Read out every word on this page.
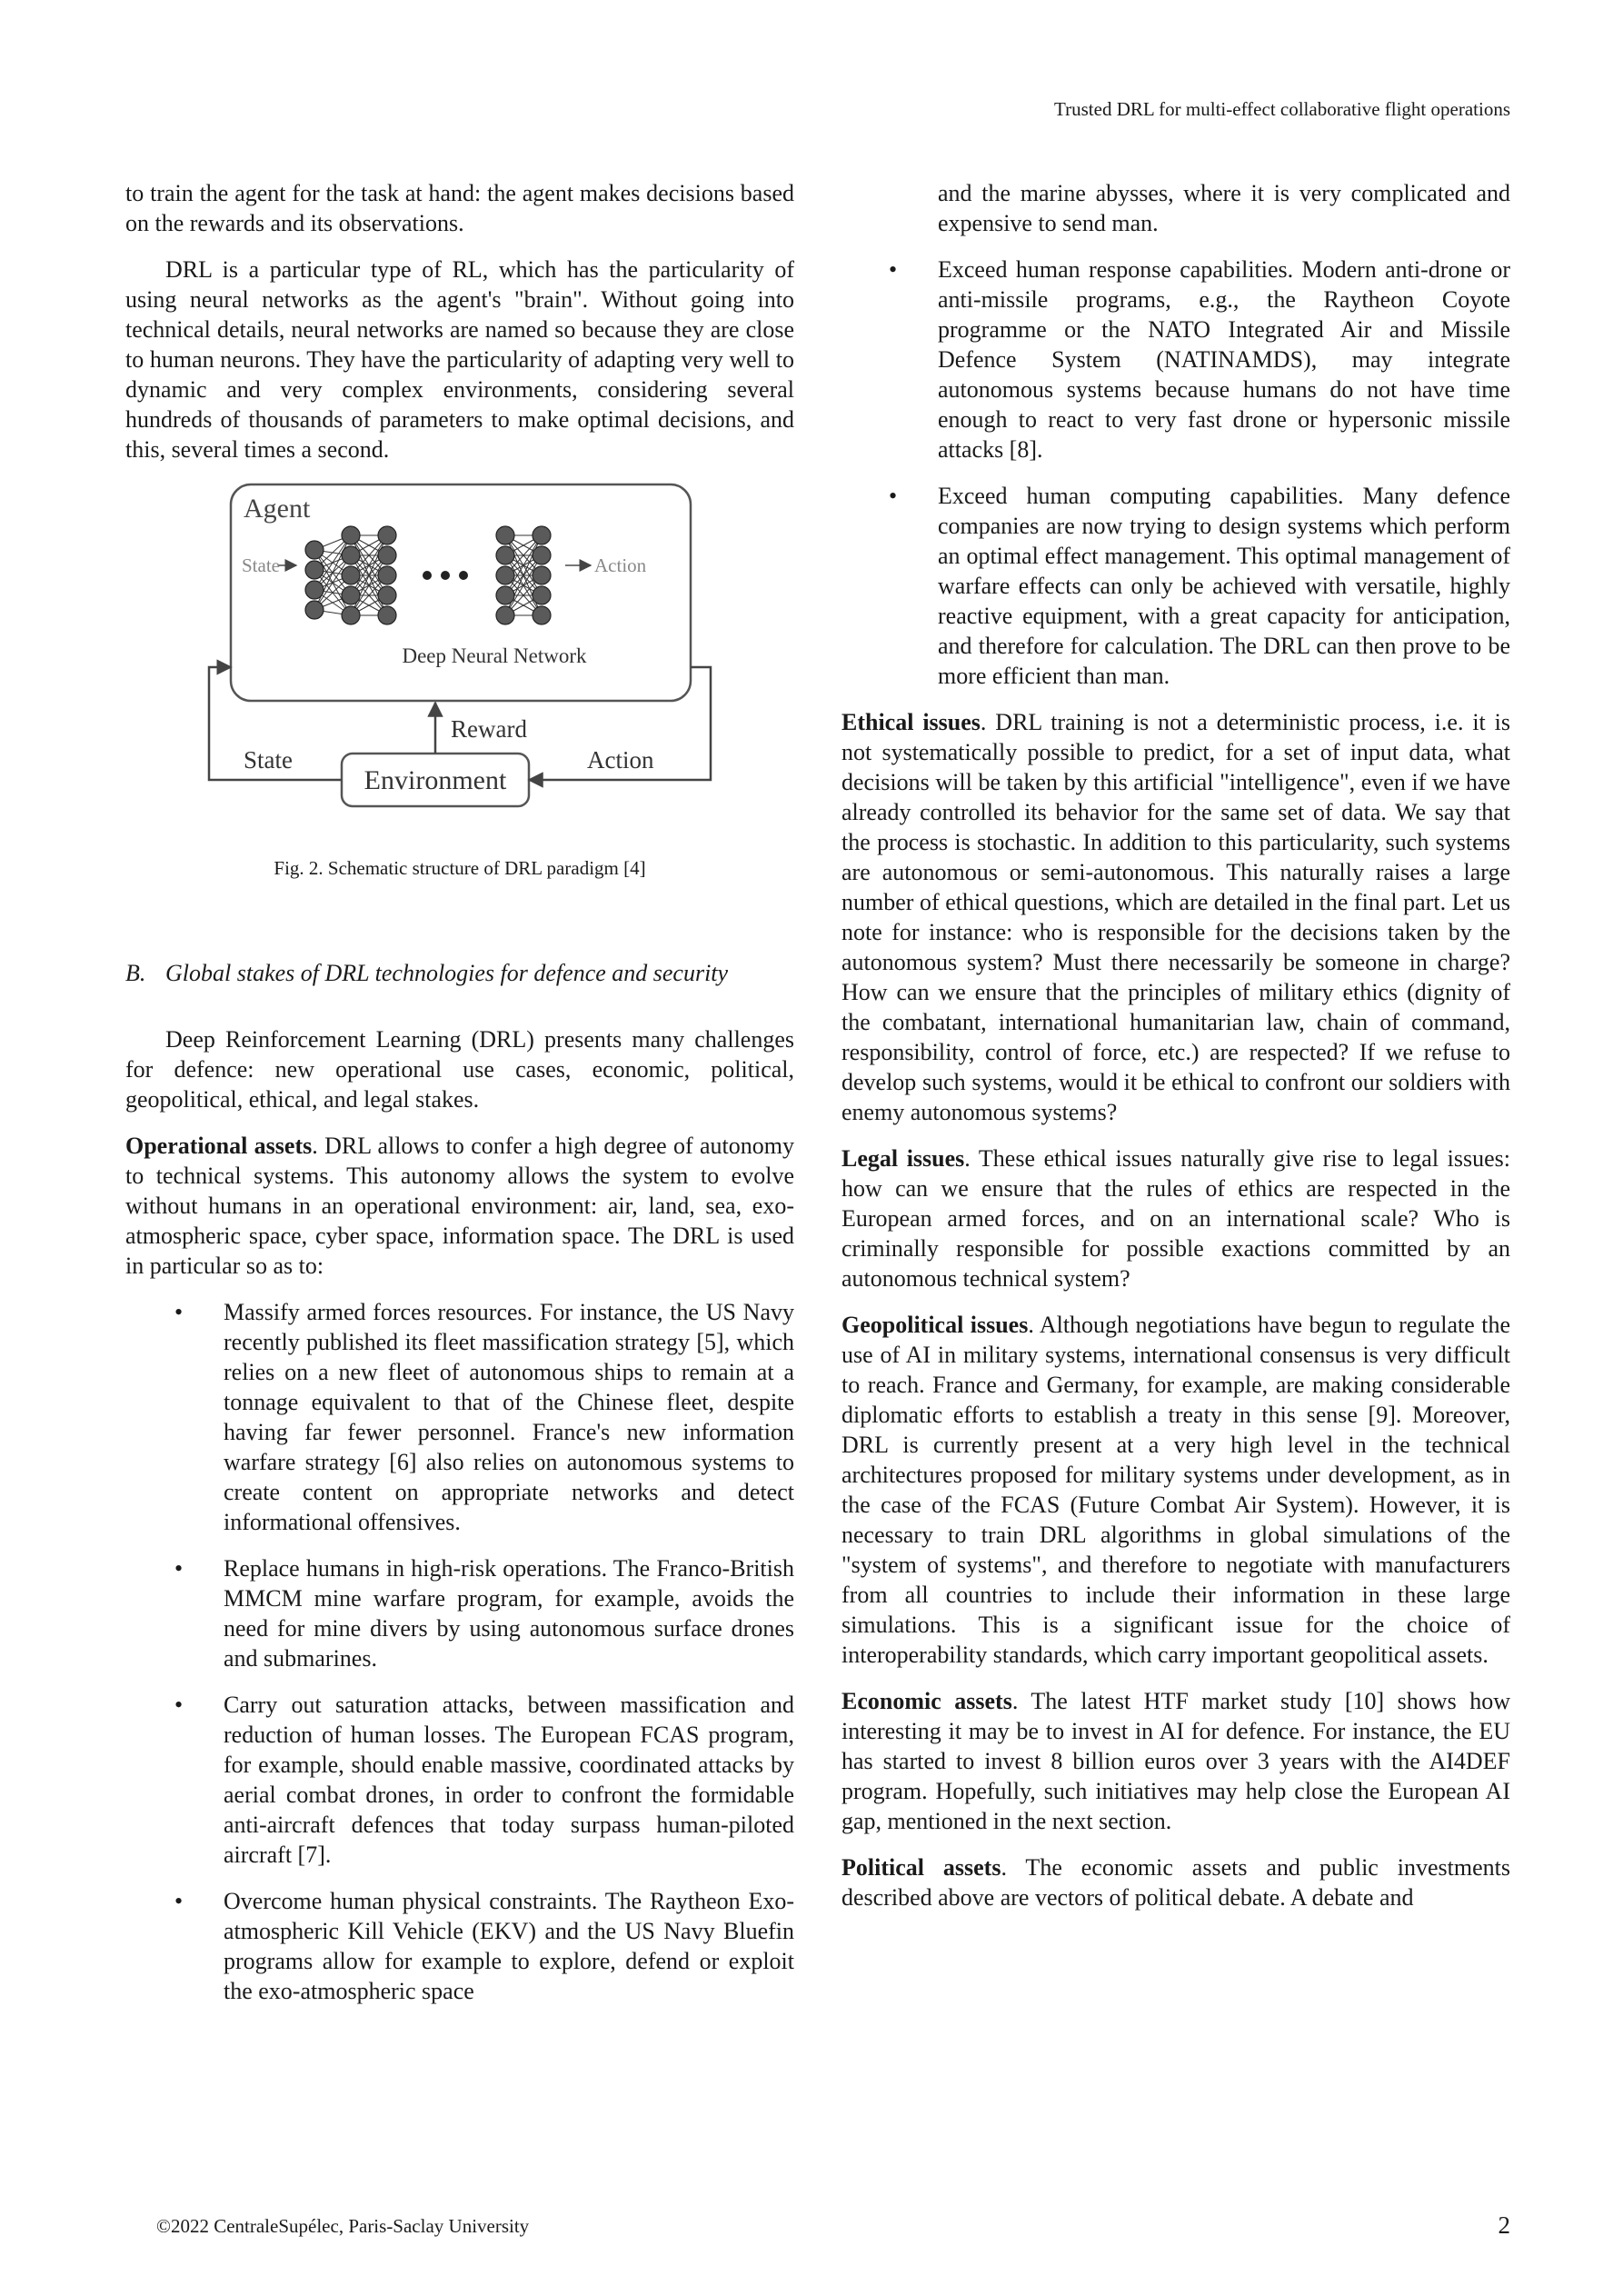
Trusted DRL for multi-effect collaborative flight operations

to train the agent for the task at hand: the agent makes decisions based on the rewards and its observations.

DRL is a particular type of RL, which has the particularity of using neural networks as the agent's "brain". Without going into technical details, neural networks are named so because they are close to human neurons. They have the particularity of adapting very well to dynamic and very complex environments, considering several hundreds of thousands of parameters to make optimal decisions, and this, several times a second.

Agent
State	Action
Deep Neural Network
Environment
Reward
State	Action
Fig. 2. Schematic structure of DRL paradigm [4]
B. Global stakes of DRL technologies for defence and security

Deep Reinforcement Learning (DRL) presents many challenges for defence: new operational use cases, economic, political, geopolitical, ethical, and legal stakes.

Operational assets. DRL allows to confer a high degree of autonomy to technical systems. This autonomy allows the system to evolve without humans in an operational environment: air, land, sea, exo-atmospheric space, cyber space, information space. The DRL is used in particular so as to:

• Massify armed forces resources. For instance, the US Navy recently published its fleet massification strategy [5], which relies on a new fleet of autonomous ships to remain at a tonnage equivalent to that of the Chinese fleet, despite having far fewer personnel. France's new information warfare strategy [6] also relies on autonomous systems to create content on appropriate networks and detect informational offensives.
• Replace humans in high-risk operations. The Franco-British MMCM mine warfare program, for example, avoids the need for mine divers by using autonomous surface drones and submarines.
• Carry out saturation attacks, between massification and reduction of human losses. The European FCAS program, for example, should enable massive, coordinated attacks by aerial combat drones, in order to confront the formidable anti-aircraft defences that today surpass human-piloted aircraft [7].
• Overcome human physical constraints. The Raytheon Exo-atmospheric Kill Vehicle (EKV) and the US Navy Bluefin programs allow for example to explore, defend or exploit the exo-atmospheric space
and the marine abysses, where it is very complicated and expensive to send man.
• Exceed human response capabilities. Modern anti-drone or anti-missile programs, e.g., the Raytheon Coyote programme or the NATO Integrated Air and Missile Defence System (NATINAMDS), may integrate autonomous systems because humans do not have time enough to react to very fast drone or hypersonic missile attacks [8].
• Exceed human computing capabilities. Many defence companies are now trying to design systems which perform an optimal effect management. This optimal management of warfare effects can only be achieved with versatile, highly reactive equipment, with a great capacity for anticipation, and therefore for calculation. The DRL can then prove to be more efficient than man.

Ethical issues. DRL training is not a deterministic process, i.e. it is not systematically possible to predict, for a set of input data, what decisions will be taken by this artificial "intelligence", even if we have already controlled its behavior for the same set of data. We say that the process is stochastic. In addition to this particularity, such systems are autonomous or semi-autonomous. This naturally raises a large number of ethical questions, which are detailed in the final part. Let us note for instance: who is responsible for the decisions taken by the autonomous system? Must there necessarily be someone in charge? How can we ensure that the principles of military ethics (dignity of the combatant, international humanitarian law, chain of command, responsibility, control of force, etc.) are respected? If we refuse to develop such systems, would it be ethical to confront our soldiers with enemy autonomous systems?

Legal issues. These ethical issues naturally give rise to legal issues: how can we ensure that the rules of ethics are respected in the European armed forces, and on an international scale? Who is criminally responsible for possible exactions committed by an autonomous technical system?

Geopolitical issues. Although negotiations have begun to regulate the use of AI in military systems, international consensus is very difficult to reach. France and Germany, for example, are making considerable diplomatic efforts to establish a treaty in this sense [9]. Moreover, DRL is currently present at a very high level in the technical architectures proposed for military systems under development, as in the case of the FCAS (Future Combat Air System). However, it is necessary to train DRL algorithms in global simulations of the "system of systems", and therefore to negotiate with manufacturers from all countries to include their information in these large simulations. This is a significant issue for the choice of interoperability standards, which carry important geopolitical assets.

Economic assets. The latest HTF market study [10] shows how interesting it may be to invest in AI for defence. For instance, the EU has started to invest 8 billion euros over 3 years with the AI4DEF program. Hopefully, such initiatives may help close the European AI gap, mentioned in the next section.

Political assets. The economic assets and public investments described above are vectors of political debate. A debate and

©2022 CentraleSupélec, Paris-Saclay University	2
